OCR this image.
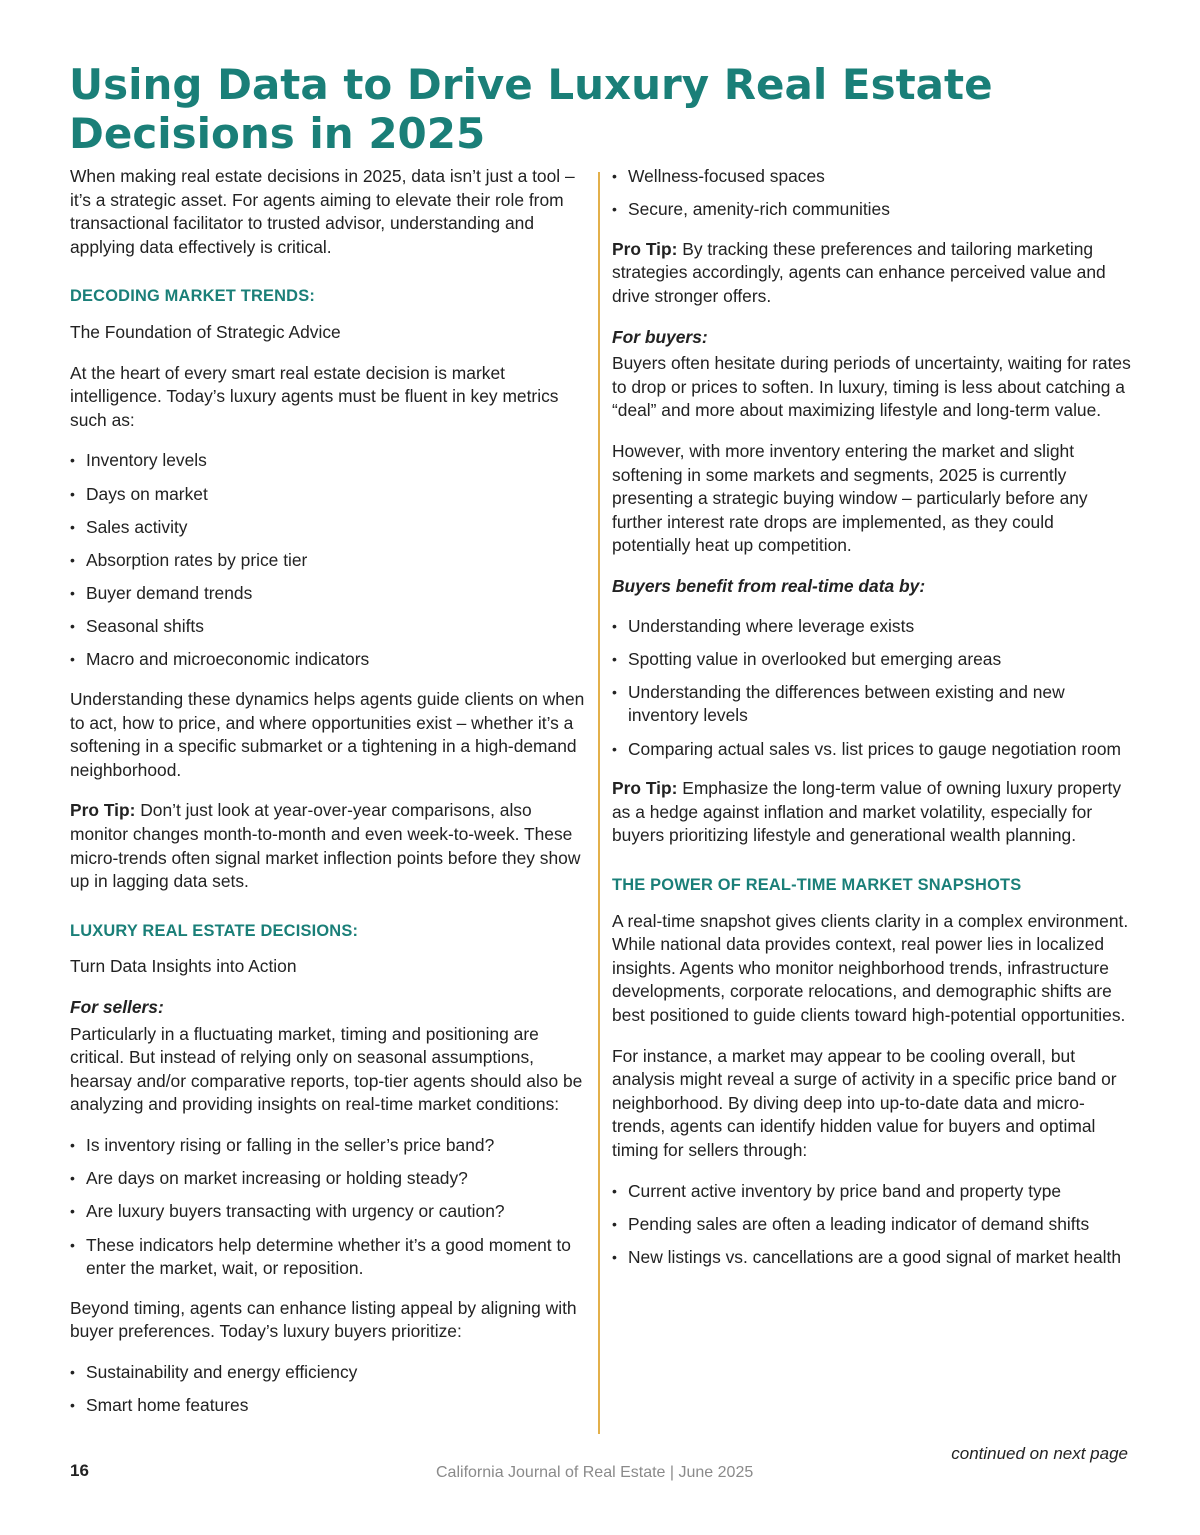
Using Data to Drive Luxury Real Estate Decisions in 2025

When making real estate decisions in 2025, data isn’t just a tool – it’s a strategic asset. For agents aiming to elevate their role from transactional facilitator to trusted advisor, understanding and applying data effectively is critical.

DECODING MARKET TRENDS:

The Foundation of Strategic Advice

At the heart of every smart real estate decision is market intelligence. Today’s luxury agents must be fluent in key metrics such as:

• Inventory levels
• Days on market
• Sales activity
• Absorption rates by price tier
• Buyer demand trends
• Seasonal shifts
• Macro and microeconomic indicators

Understanding these dynamics helps agents guide clients on when to act, how to price, and where opportunities exist – whether it’s a softening in a specific submarket or a tightening in a high-demand neighborhood.

Pro Tip: Don’t just look at year-over-year comparisons, also monitor changes month-to-month and even week-to-week. These micro-trends often signal market inflection points before they show up in lagging data sets.

LUXURY REAL ESTATE DECISIONS:

Turn Data Insights into Action

For sellers:

Particularly in a fluctuating market, timing and positioning are critical. But instead of relying only on seasonal assumptions, hearsay and/or comparative reports, top-tier agents should also be analyzing and providing insights on real-time market conditions:

• Is inventory rising or falling in the seller’s price band?
• Are days on market increasing or holding steady?
• Are luxury buyers transacting with urgency or caution?
• These indicators help determine whether it’s a good moment to enter the market, wait, or reposition.

Beyond timing, agents can enhance listing appeal by aligning with buyer preferences. Today’s luxury buyers prioritize:

• Sustainability and energy efficiency
• Smart home features
• Wellness-focused spaces
• Secure, amenity-rich communities

Pro Tip: By tracking these preferences and tailoring marketing strategies accordingly, agents can enhance perceived value and drive stronger offers.

For buyers:

Buyers often hesitate during periods of uncertainty, waiting for rates to drop or prices to soften. In luxury, timing is less about catching a “deal” and more about maximizing lifestyle and long-term value.

However, with more inventory entering the market and slight softening in some markets and segments, 2025 is currently presenting a strategic buying window – particularly before any further interest rate drops are implemented, as they could potentially heat up competition.

Buyers benefit from real-time data by:

• Understanding where leverage exists
• Spotting value in overlooked but emerging areas
• Understanding the differences between existing and new inventory levels
• Comparing actual sales vs. list prices to gauge negotiation room

Pro Tip: Emphasize the long-term value of owning luxury property as a hedge against inflation and market volatility, especially for buyers prioritizing lifestyle and generational wealth planning.

THE POWER OF REAL-TIME MARKET SNAPSHOTS

A real-time snapshot gives clients clarity in a complex environment. While national data provides context, real power lies in localized insights. Agents who monitor neighborhood trends, infrastructure developments, corporate relocations, and demographic shifts are best positioned to guide clients toward high-potential opportunities.

For instance, a market may appear to be cooling overall, but analysis might reveal a surge of activity in a specific price band or neighborhood. By diving deep into up-to-date data and micro-trends, agents can identify hidden value for buyers and optimal timing for sellers through:

• Current active inventory by price band and property type
• Pending sales are often a leading indicator of demand shifts
• New listings vs. cancellations are a good signal of market health
continued on next page
16	California Journal of Real Estate | June 2025
